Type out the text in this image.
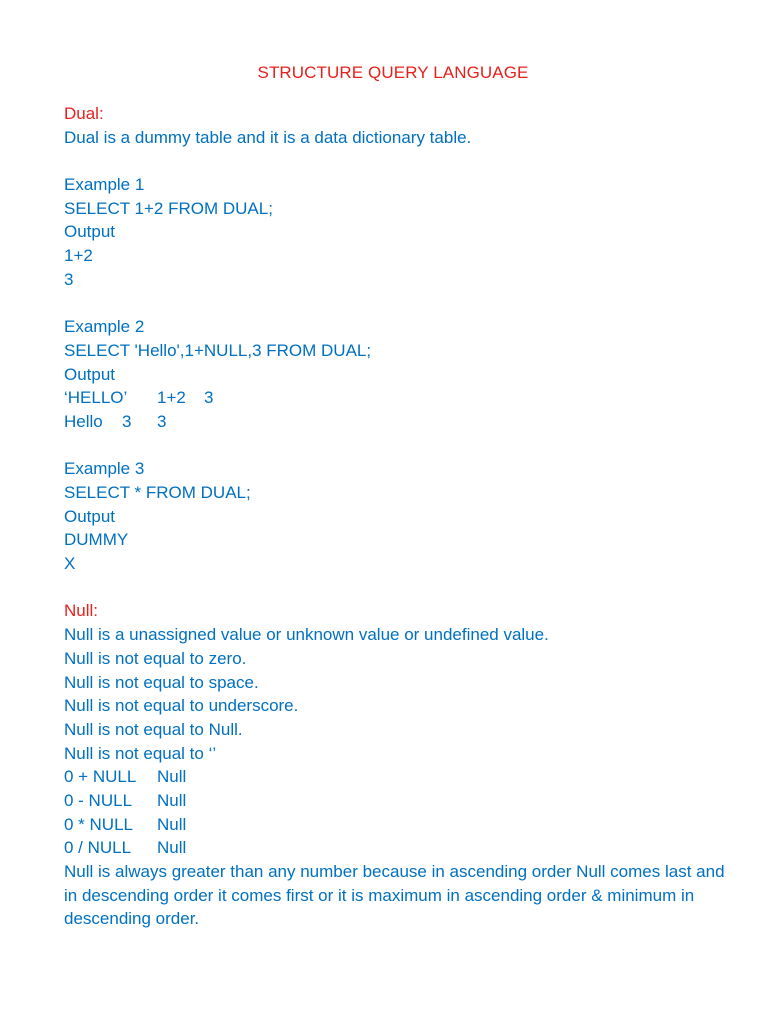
STRUCTURE QUERY LANGUAGE
Dual:
Dual is a dummy table and it is a data dictionary table.
Example 1
SELECT 1+2 FROM DUAL;
Output
1+2
3
Example 2
SELECT 'Hello',1+NULL,3 FROM DUAL;
Output
‘HELLO’ 1+2 3
Hello 3 3
Example 3
SELECT * FROM DUAL;
Output
DUMMY
X
Null:
Null is a unassigned value or unknown value or undefined value.
Null is not equal to zero.
Null is not equal to space.
Null is not equal to underscore.
Null is not equal to Null.
Null is not equal to ‘’
0 + NULL Null
0 - NULL Null
0 * NULL Null
0 / NULL Null
Null is always greater than any number because in ascending order Null comes last and in descending order it comes first or it is maximum in ascending order & minimum in descending order.
